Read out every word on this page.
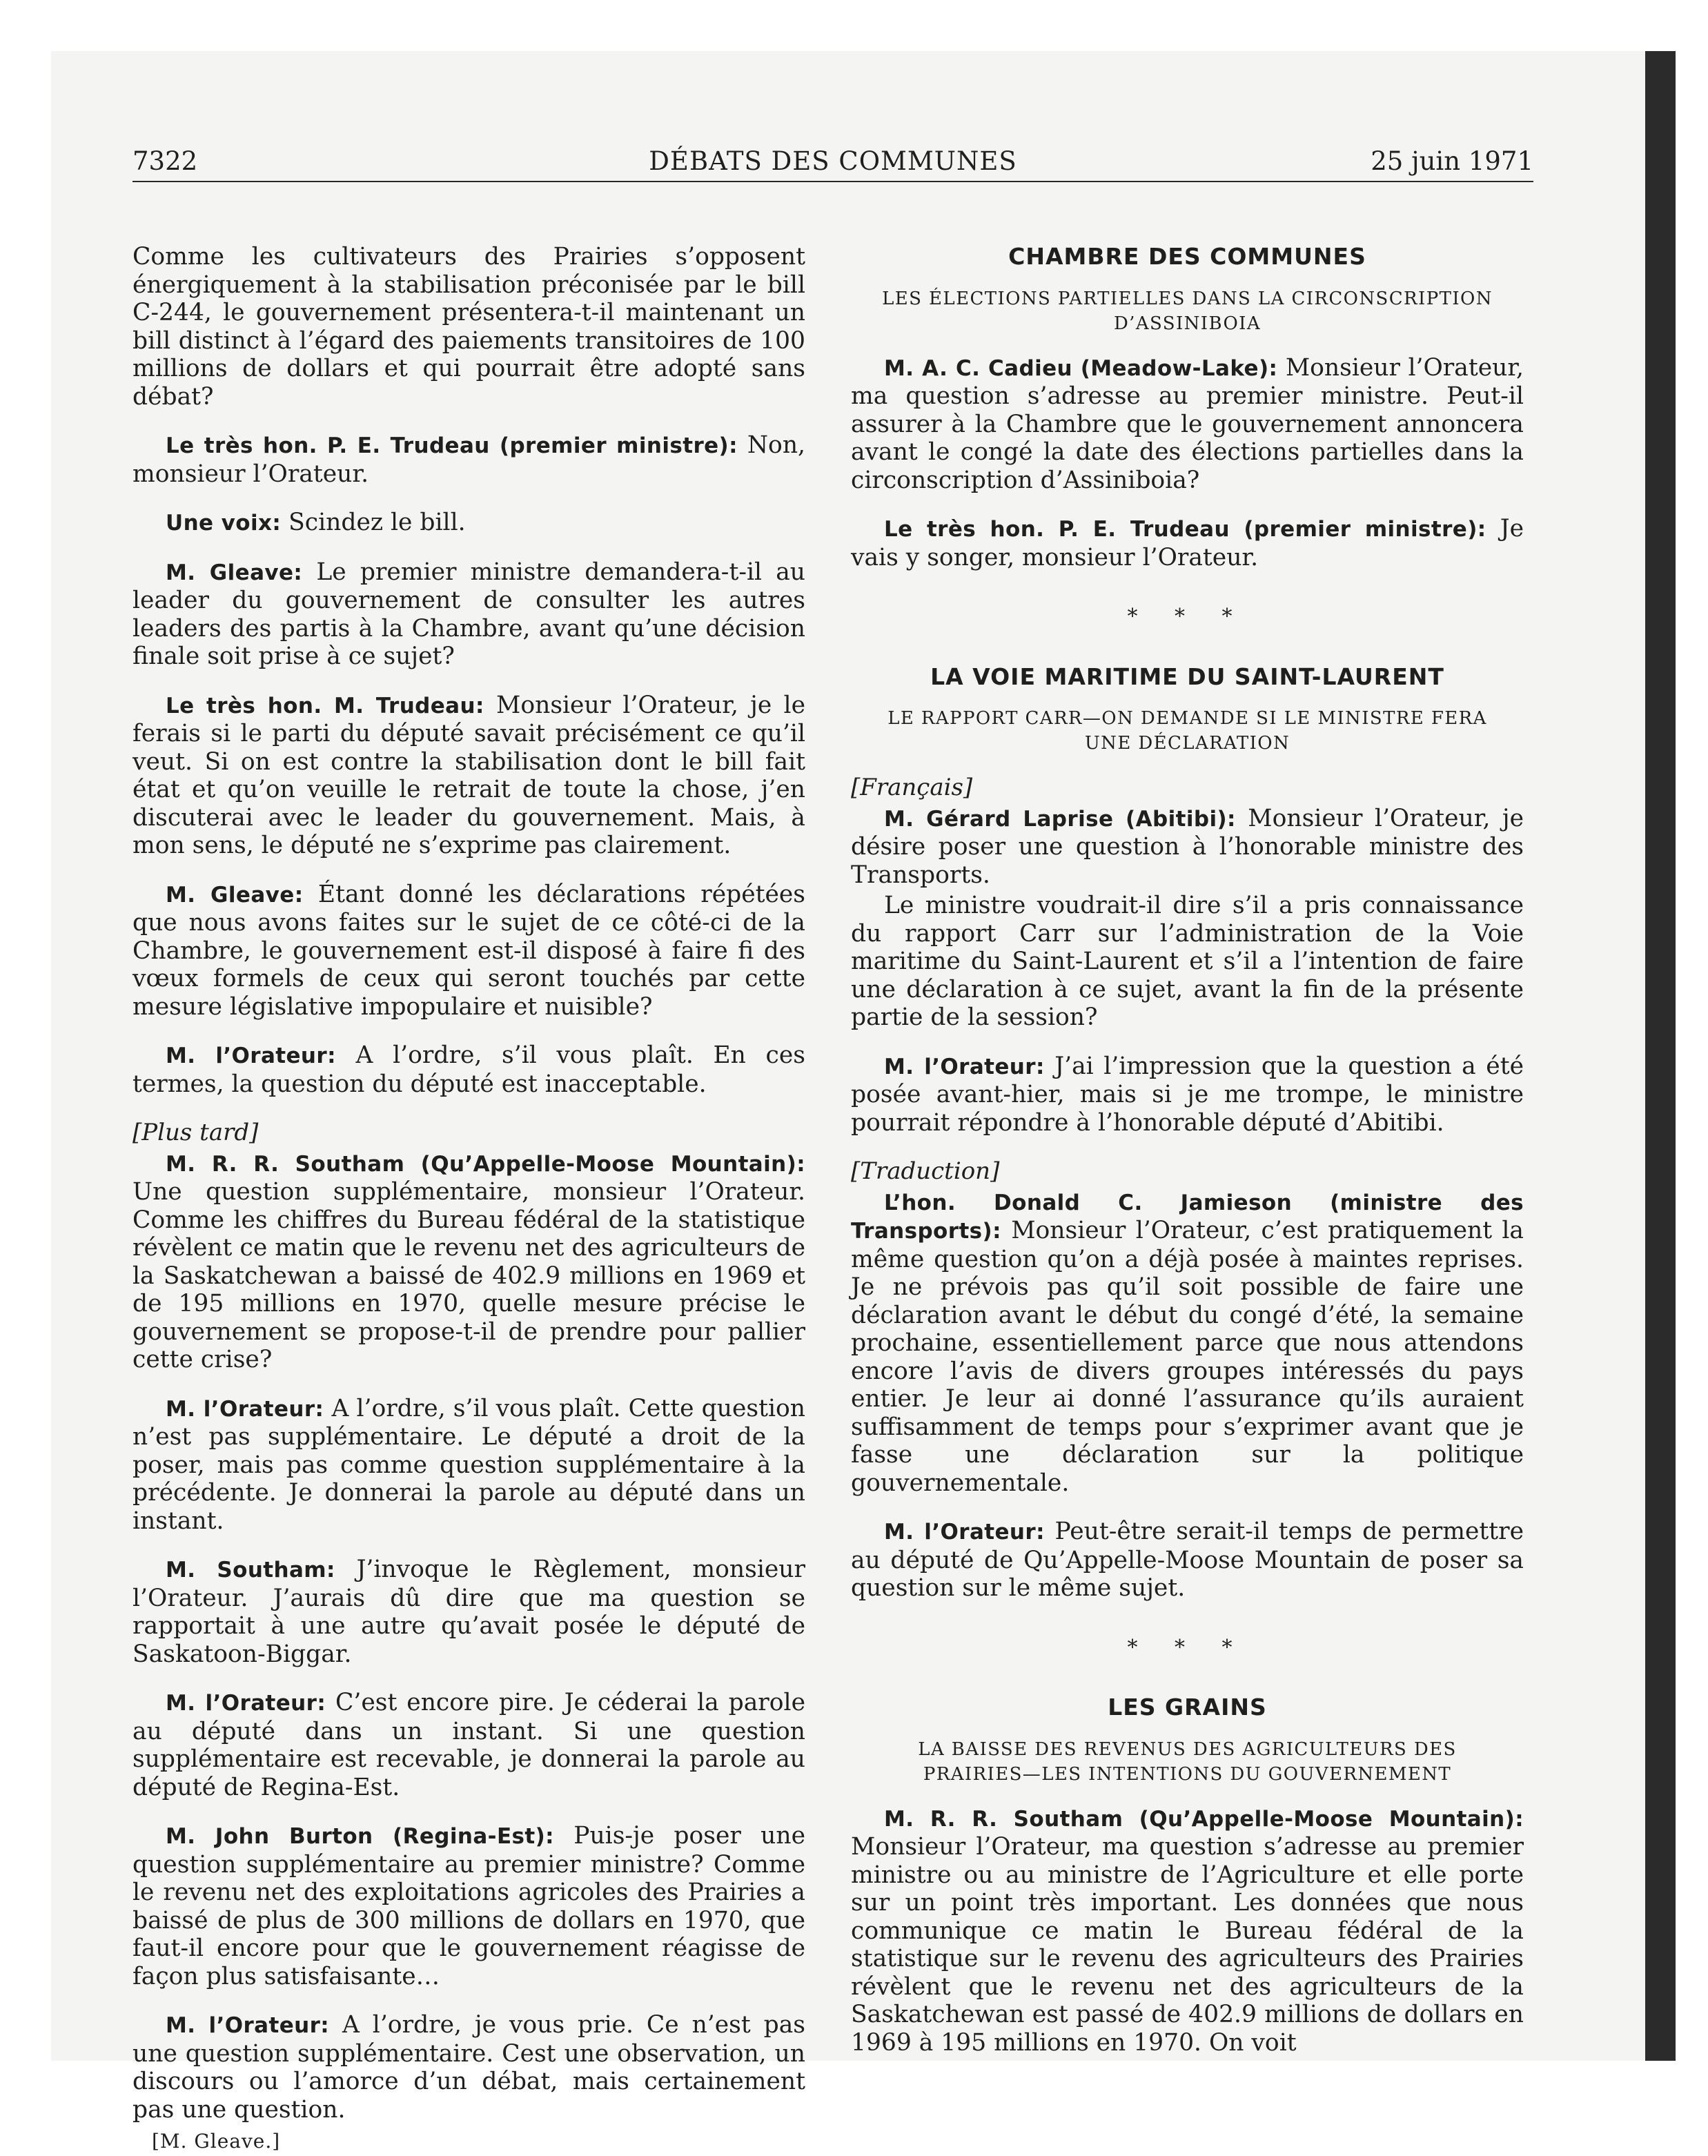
7322	DÉBATS DES COMMUNES	25 juin 1971

Comme les cultivateurs des Prairies s’opposent énergiquement à la stabilisation préconisée par le bill C-244, le gouvernement présentera-t-il maintenant un bill distinct à l’égard des paiements transitoires de 100 millions de dollars et qui pourrait être adopté sans débat?

Le très hon. P. E. Trudeau (premier ministre): Non, monsieur l’Orateur.

Une voix: Scindez le bill.

M. Gleave: Le premier ministre demandera-t-il au leader du gouvernement de consulter les autres leaders des partis à la Chambre, avant qu’une décision finale soit prise à ce sujet?

Le très hon. M. Trudeau: Monsieur l’Orateur, je le ferais si le parti du député savait précisément ce qu’il veut. Si on est contre la stabilisation dont le bill fait état et qu’on veuille le retrait de toute la chose, j’en discuterai avec le leader du gouvernement. Mais, à mon sens, le député ne s’exprime pas clairement.

M. Gleave: Étant donné les déclarations répétées que nous avons faites sur le sujet de ce côté-ci de la Chambre, le gouvernement est-il disposé à faire fi des vœux formels de ceux qui seront touchés par cette mesure législative impopulaire et nuisible?

M. l’Orateur: A l’ordre, s’il vous plaît. En ces termes, la question du député est inacceptable.

[Plus tard]

M. R. R. Southam (Qu’Appelle-Moose Mountain): Une question supplémentaire, monsieur l’Orateur. Comme les chiffres du Bureau fédéral de la statistique révèlent ce matin que le revenu net des agriculteurs de la Saskatchewan a baissé de 402.9 millions en 1969 et de 195 millions en 1970, quelle mesure précise le gouvernement se propose-t-il de prendre pour pallier cette crise?

M. l’Orateur: A l’ordre, s’il vous plaît. Cette question n’est pas supplémentaire. Le député a droit de la poser, mais pas comme question supplémentaire à la précédente. Je donnerai la parole au député dans un instant.

M. Southam: J’invoque le Règlement, monsieur l’Orateur. J’aurais dû dire que ma question se rapportait à une autre qu’avait posée le député de Saskatoon-Biggar.

M. l’Orateur: C’est encore pire. Je céderai la parole au député dans un instant. Si une question supplémentaire est recevable, je donnerai la parole au député de Regina-Est.

M. John Burton (Regina-Est): Puis-je poser une question supplémentaire au premier ministre? Comme le revenu net des exploitations agricoles des Prairies a baissé de plus de 300 millions de dollars en 1970, que faut-il encore pour que le gouvernement réagisse de façon plus satisfaisante…

M. l’Orateur: A l’ordre, je vous prie. Ce n’est pas une question supplémentaire. Cest une observation, un discours ou l’amorce d’un débat, mais certainement pas une question.

[M. Gleave.]
CHAMBRE DES COMMUNES
LES ÉLECTIONS PARTIELLES DANS LA CIRCONSCRIPTION D’ASSINIBOIA

M. A. C. Cadieu (Meadow-Lake): Monsieur l’Orateur, ma question s’adresse au premier ministre. Peut-il assurer à la Chambre que le gouvernement annoncera avant le congé la date des élections partielles dans la circonscription d’Assiniboia?

Le très hon. P. E. Trudeau (premier ministre): Je vais y songer, monsieur l’Orateur.

* * *
LA VOIE MARITIME DU SAINT-LAURENT
LE RAPPORT CARR—ON DEMANDE SI LE MINISTRE FERA UNE DÉCLARATION
[Français]

M. Gérard Laprise (Abitibi): Monsieur l’Orateur, je désire poser une question à l’honorable ministre des Transports.

Le ministre voudrait-il dire s’il a pris connaissance du rapport Carr sur l’administration de la Voie maritime du Saint-Laurent et s’il a l’intention de faire une déclaration à ce sujet, avant la fin de la présente partie de la session?

M. l’Orateur: J’ai l’impression que la question a été posée avant-hier, mais si je me trompe, le ministre pourrait répondre à l’honorable député d’Abitibi.

[Traduction]

L’hon. Donald C. Jamieson (ministre des Transports): Monsieur l’Orateur, c’est pratiquement la même question qu’on a déjà posée à maintes reprises. Je ne prévois pas qu’il soit possible de faire une déclaration avant le début du congé d’été, la semaine prochaine, essentiellement parce que nous attendons encore l’avis de divers groupes intéressés du pays entier. Je leur ai donné l’assurance qu’ils auraient suffisamment de temps pour s’exprimer avant que je fasse une déclaration sur la politique gouvernementale.

M. l’Orateur: Peut-être serait-il temps de permettre au député de Qu’Appelle-Moose Mountain de poser sa question sur le même sujet.

* * *
LES GRAINS
LA BAISSE DES REVENUS DES AGRICULTEURS DES PRAIRIES—LES INTENTIONS DU GOUVERNEMENT

M. R. R. Southam (Qu’Appelle-Moose Mountain): Monsieur l’Orateur, ma question s’adresse au premier ministre ou au ministre de l’Agriculture et elle porte sur un point très important. Les données que nous communique ce matin le Bureau fédéral de la statistique sur le revenu des agriculteurs des Prairies révèlent que le revenu net des agriculteurs de la Saskatchewan est passé de 402.9 millions de dollars en 1969 à 195 millions en 1970. On voit
